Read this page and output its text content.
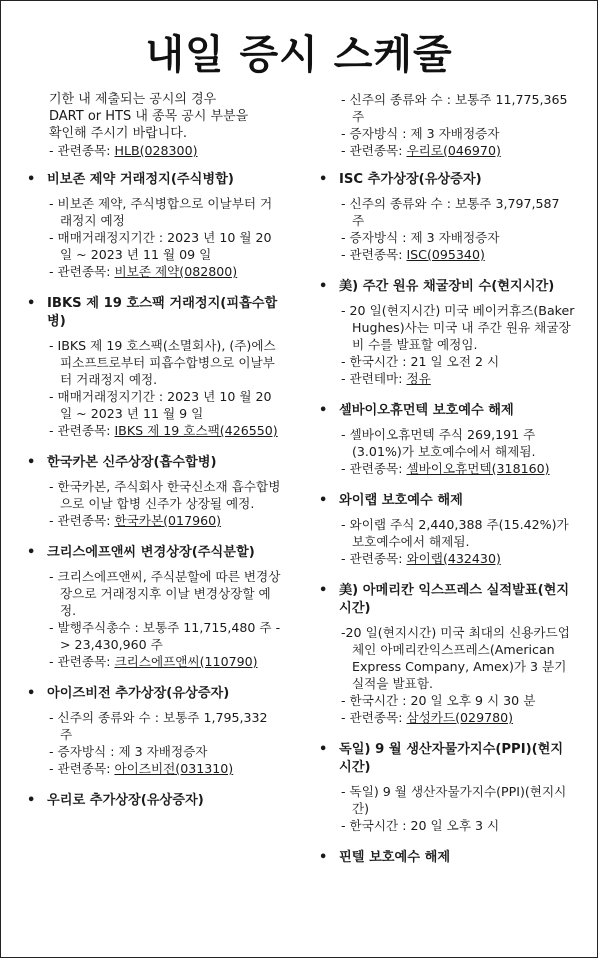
내일 증시 스케줄

기한 내 제출되는 공시의 경우

DART or HTS 내 종목 공시 부분을

확인해 주시기 바랍니다.

- 관련종목: HLB(028300)
•
비보존 제약 거래정지(주식병합)
- 비보존 제약, 주식병합으로 이날부터 거래정지 예정
- 매매거래정지기간 : 2023 년 10 월 20 일 ~ 2023 년 11 월 09 일
- 관련종목: 비보존 제약(082800)
•
IBKS 제 19 호스팩 거래정지(피흡수합병)
- IBKS 제 19 호스팩(소멸회사), (주)에스피소프트로부터 피흡수합병으로 이날부터 거래정지 예정.
- 매매거래정지기간 : 2023 년 10 월 20 일 ~ 2023 년 11 월 9 일
- 관련종목: IBKS 제 19 호스팩(426550)
•
한국카본 신주상장(흡수합병)
- 한국카본, 주식회사 한국신소재 흡수합병으로 이날 합병 신주가 상장될 예정.
- 관련종목: 한국카본(017960)
•
크리스에프앤씨 변경상장(주식분할)
- 크리스에프앤씨, 주식분할에 따른 변경상장으로 거래정지후 이날 변경상장할 예정.
- 발행주식총수 : 보통주 11,715,480 주 -> 23,430,960 주
- 관련종목: 크리스에프앤씨(110790)
•
아이즈비전 추가상장(유상증자)
- 신주의 종류와 수 : 보통주 1,795,332 주
- 증자방식 : 제 3 자배정증자
- 관련종목: 아이즈비전(031310)
•
우리로 추가상장(유상증자)
- 신주의 종류와 수 : 보통주 11,775,365 주
- 증자방식 : 제 3 자배정증자
- 관련종목: 우리로(046970)
•
ISC 추가상장(유상증자)
- 신주의 종류와 수 : 보통주 3,797,587 주
- 증자방식 : 제 3 자배정증자
- 관련종목: ISC(095340)
•
美) 주간 원유 채굴장비 수(현지시간)
- 20 일(현지시간) 미국 베이커휴즈(Baker Hughes)사는 미국 내 주간 원유 채굴장비 수를 발표할 예정임.
- 한국시간 : 21 일 오전 2 시
- 관련테마: 정유
•
셀바이오휴먼텍 보호예수 해제
- 셀바이오휴먼텍 주식 269,191 주(3.01%)가 보호예수에서 해제됨.
- 관련종목: 셀바이오휴먼텍(318160)
•
와이랩 보호예수 해제
- 와이랩 주식 2,440,388 주(15.42%)가 보호예수에서 해제됨.
- 관련종목: 와이랩(432430)
•
美) 아메리칸 익스프레스 실적발표(현지시간)
-20 일(현지시간) 미국 최대의 신용카드업체인 아메리칸익스프레스(American Express Company, Amex)가 3 분기 실적을 발표함.
- 한국시간 : 20 일 오후 9 시 30 분
- 관련종목: 삼성카드(029780)
•
독일) 9 월 생산자물가지수(PPI)(현지시간)
- 독일) 9 월 생산자물가지수(PPI)(현지시간)
- 한국시간 : 20 일 오후 3 시
•
핀텔 보호예수 해제
